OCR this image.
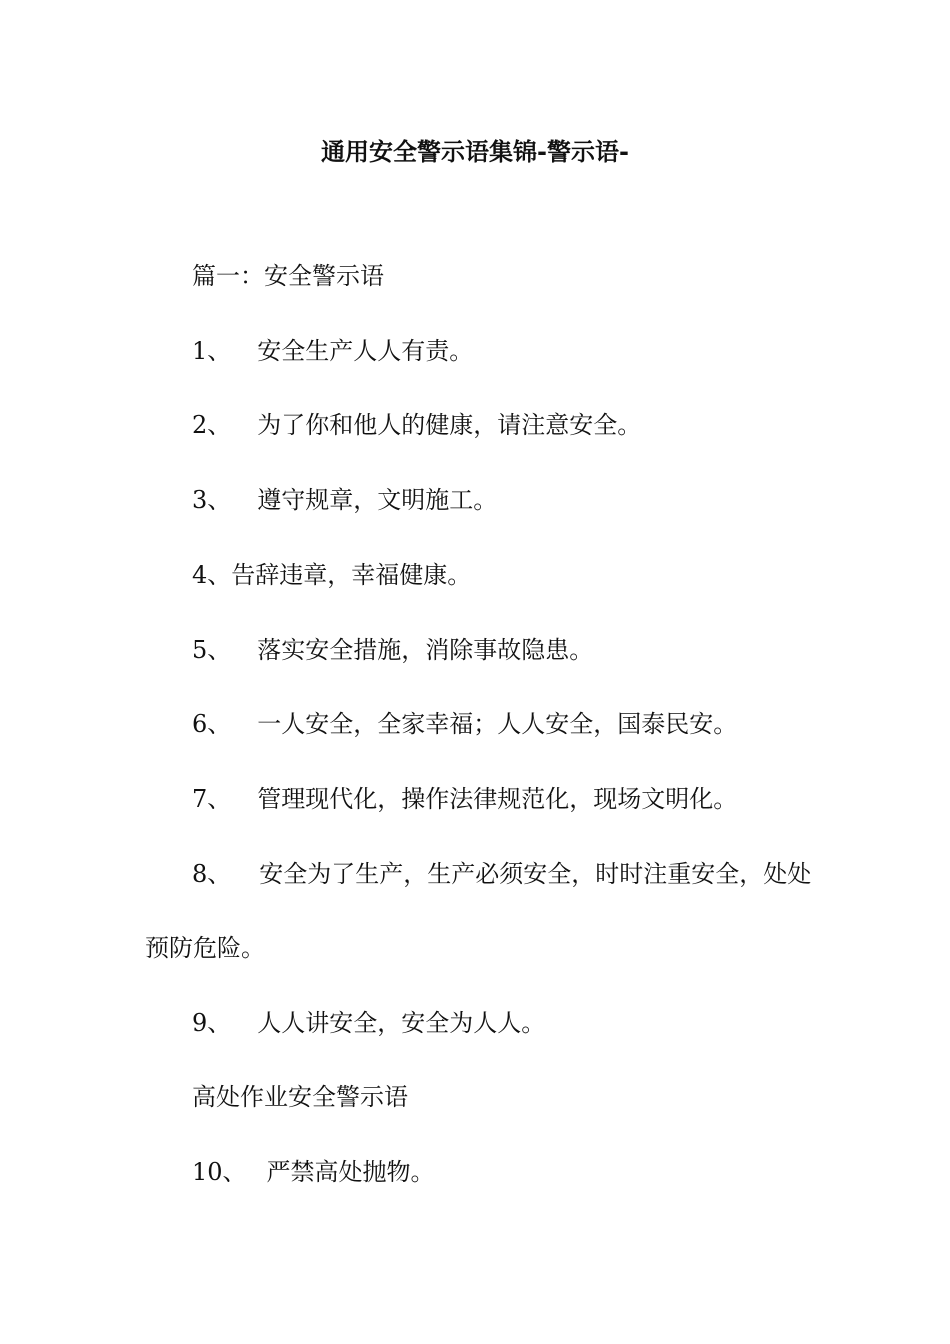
通用安全警示语集锦-警示语-

篇一：安全警示语

1、 安全生产人人有责。

2、 为了你和他人的健康，请注意安全。

3、 遵守规章，文明施工。

4、告辞违章，幸福健康。

5、 落实安全措施，消除事故隐患。

6、 一人安全，全家幸福；人人安全，国泰民安。

7、 管理现代化，操作法律规范化，现场文明化。

8、 安全为了生产，生产必须安全，时时注重安全，处处

预防危险。

9、 人人讲安全，安全为人人。

高处作业安全警示语

10、 严禁高处抛物。
